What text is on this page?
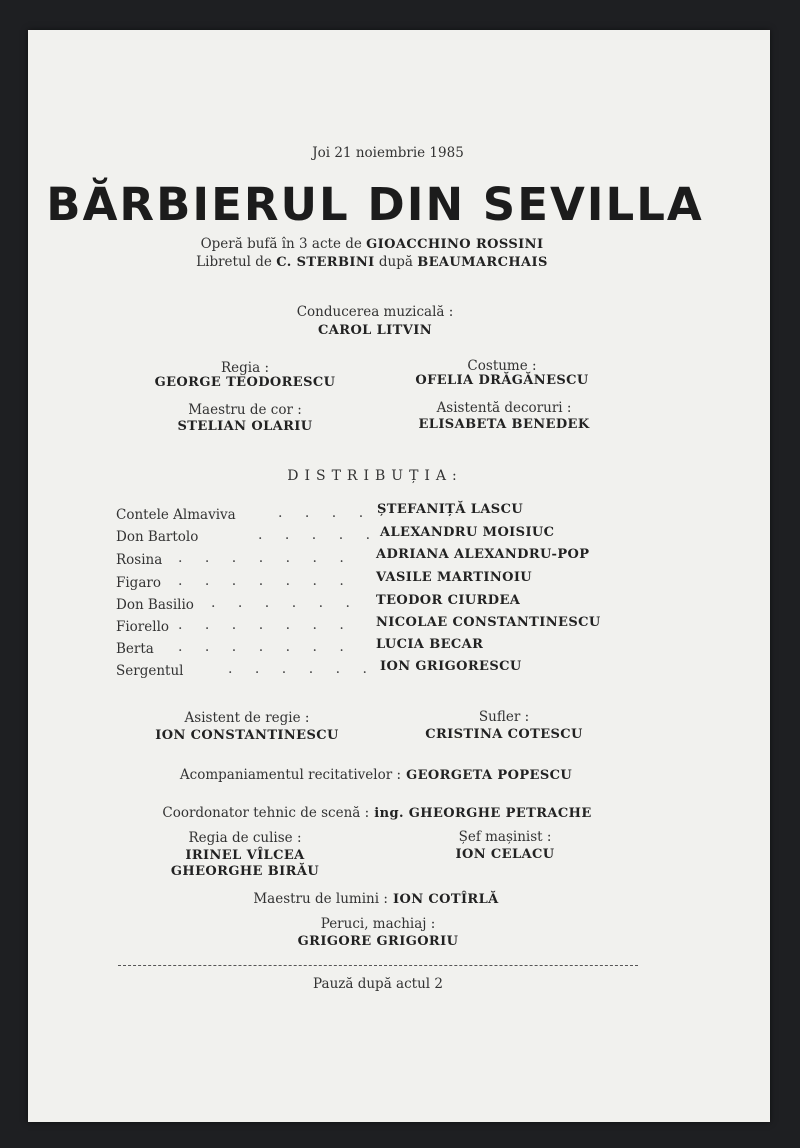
Joi 21 noiembrie 1985
BĂRBIERUL DIN SEVILLA
Operă bufă în 3 acte de GIOACCHINO ROSSINI
Libretul de C. STERBINI după BEAUMARCHAIS
Conducerea muzicală :
CAROL LITVIN
Regia :
GEORGE TEODORESCU
Costume :
OFELIA DRĂGĂNESCU
Maestru de cor :
STELIAN OLARIU
Asistentă decoruri :
ELISABETA BENEDEK
DISTRIBUȚIA:
Contele Almaviva	. . . . ȘTEFANIȚĂ LASCU
Don Bartolo	. . . . . ALEXANDRU MOISIUC
Rosina . . . . . . . ADRIANA ALEXANDRU-POP
Figaro . . . . . . . VASILE MARTINOIU
Don Basilio . . . . . . TEODOR CIURDEA
Fiorello . . . . . . . NICOLAE CONSTANTINESCU
Berta . . . . . . . LUCIA BECAR
Sergentul	. . . . . . ION GRIGORESCU
Asistent de regie :
ION CONSTANTINESCU
Sufler :
CRISTINA COTESCU
Acompaniamentul recitativelor : GEORGETA POPESCU
Coordonator tehnic de scenă : ing. GHEORGHE PETRACHE
Regia de culise :
IRINEL VÎLCEA
GHEORGHE BIRĂU
Șef mașinist :
ION CELACU
Maestru de lumini : ION COTÎRLĂ
Peruci, machiaj :
GRIGORE GRIGORIU
Pauză după actul 2
